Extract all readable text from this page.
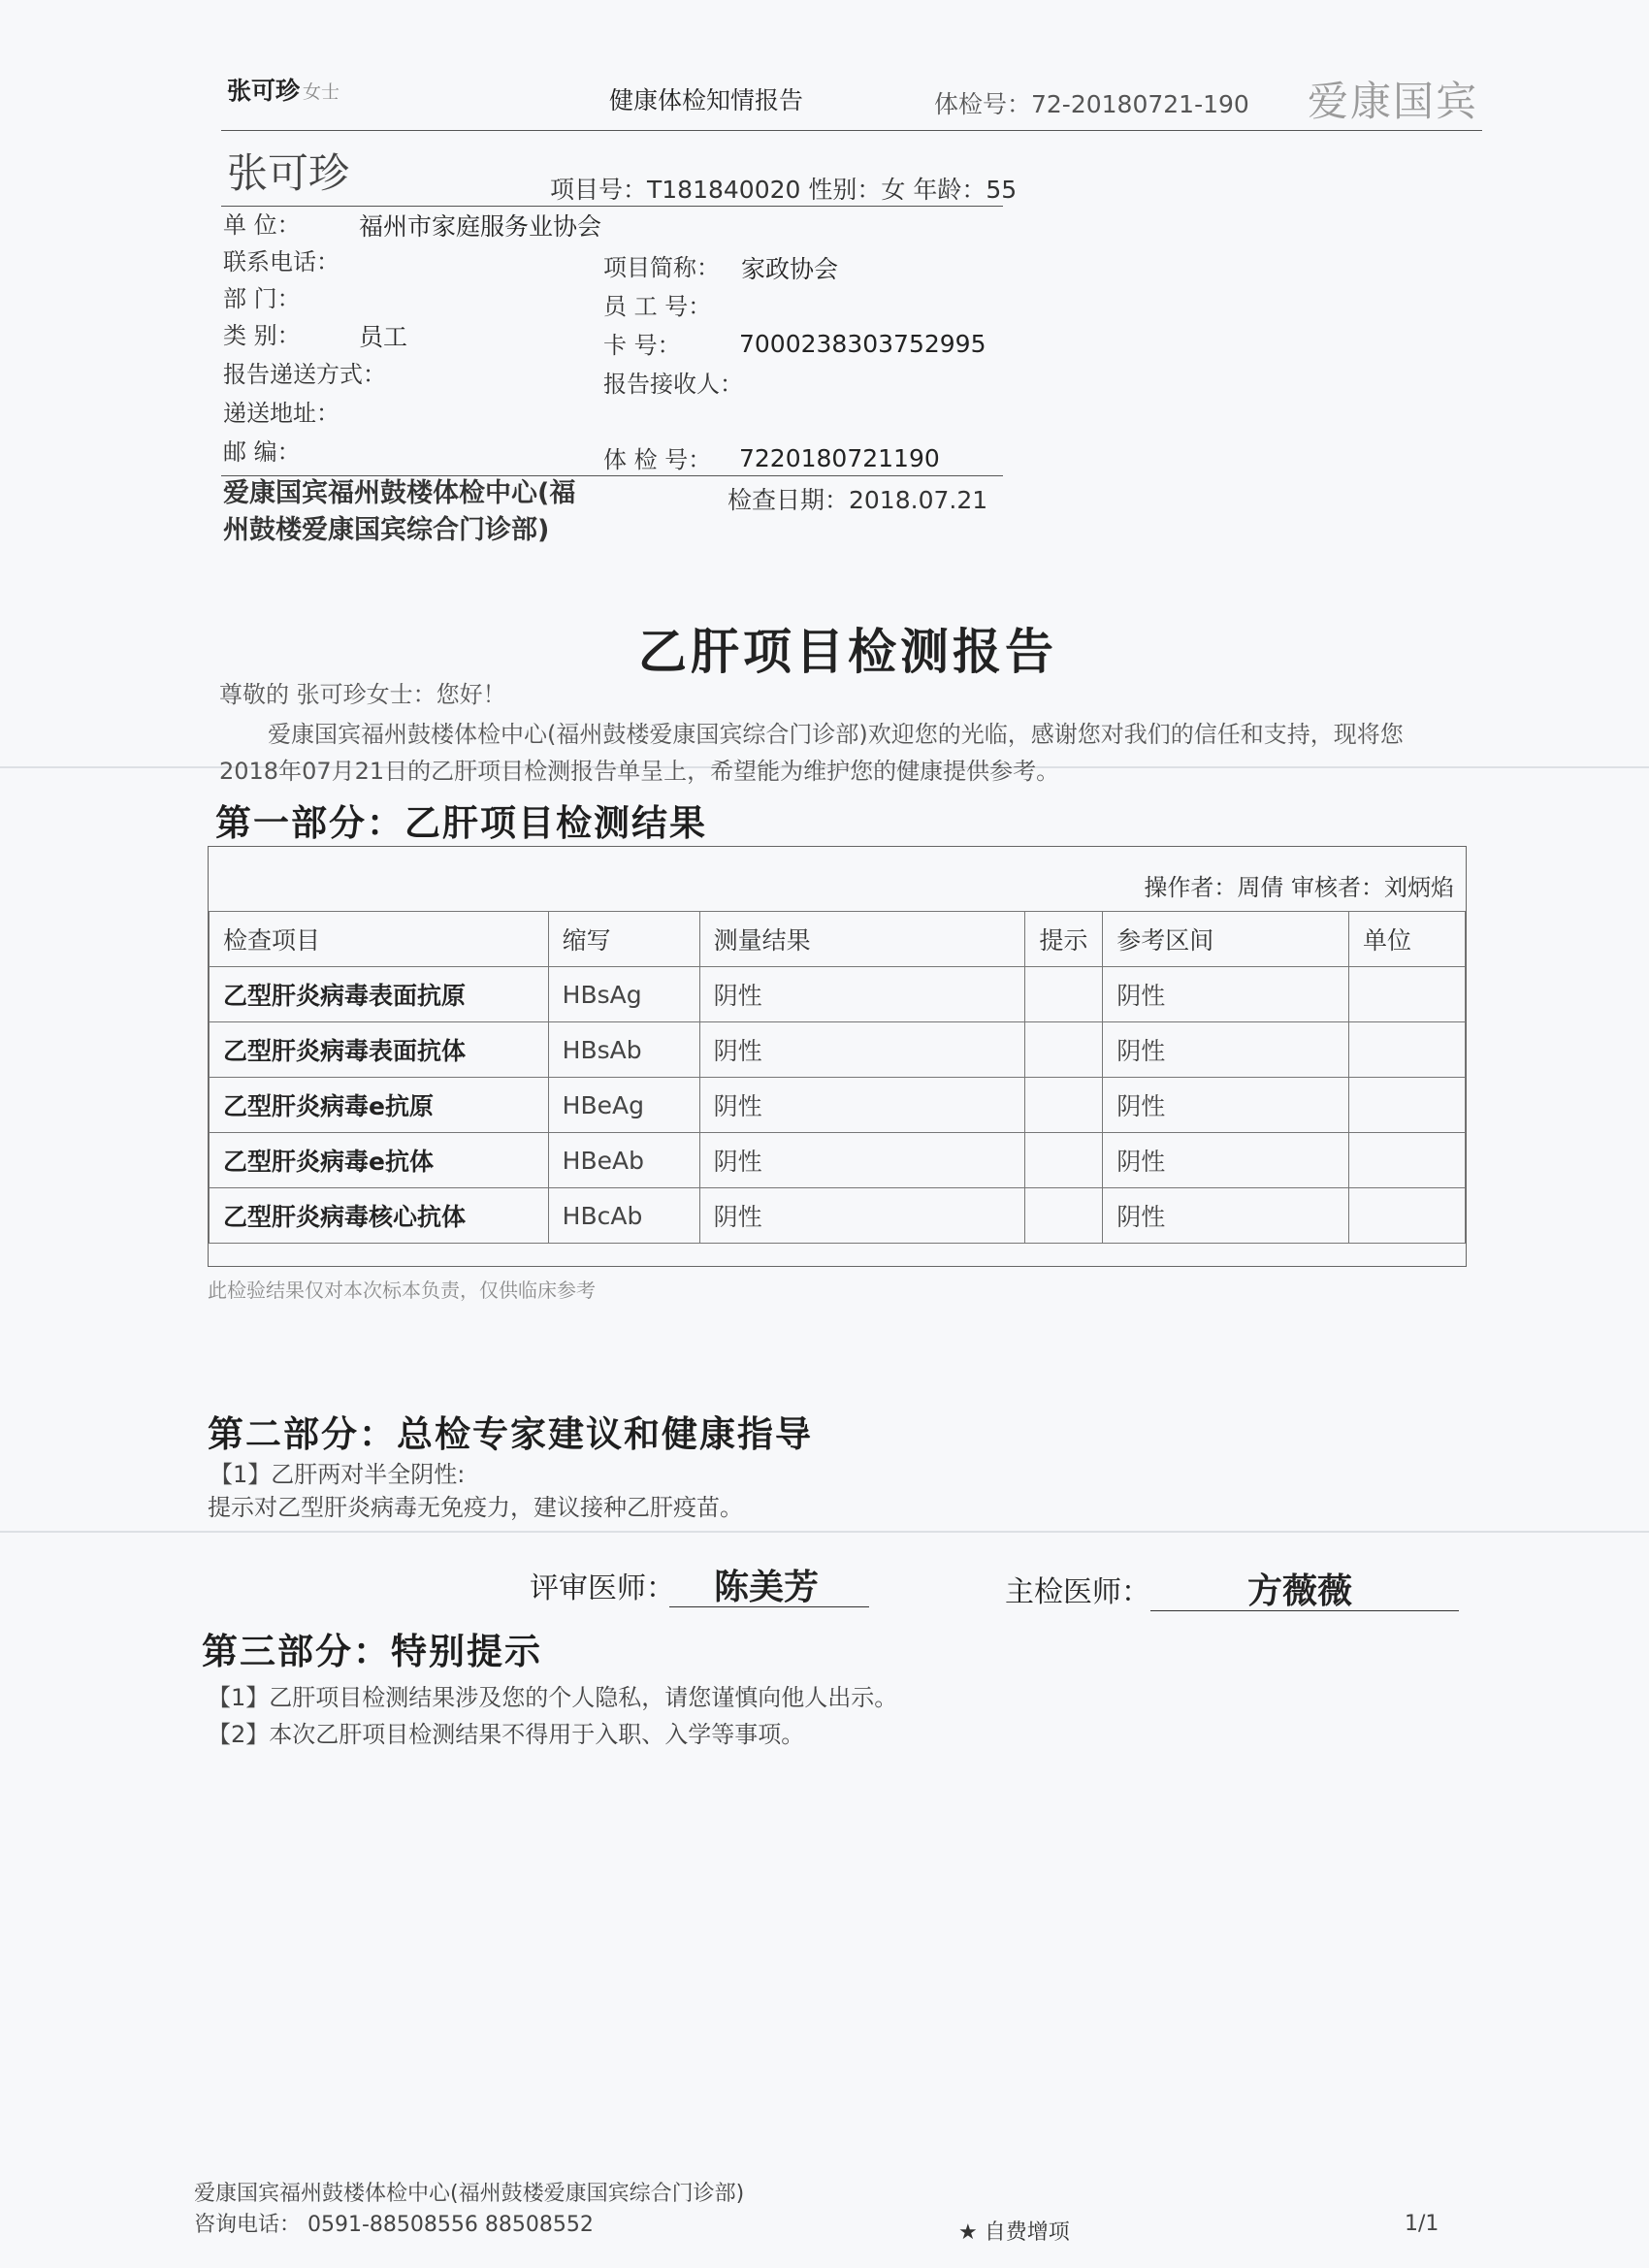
张可珍 女士	健康体检知情报告	体检号：72-20180721-190 爱康国宾
张可珍	项目号：T181840020 性别：女 年龄：55
单 位： 福州市家庭服务业协会
联系电话：
部 门：
类 别： 员工
报告递送方式：
递送地址：
邮 编：
项目简称： 家政协会
员 工 号：
卡 号： 7000238303752995
报告接收人：
体 检 号： 7220180721190
爱康国宾福州鼓楼体检中心(福州鼓楼爱康国宾综合门诊部)
检查日期：2018.07.21
乙肝项目检测报告
尊敬的 张可珍女士：您好！
爱康国宾福州鼓楼体检中心(福州鼓楼爱康国宾综合门诊部)欢迎您的光临，感谢您对我们的信任和支持，现将您2018年07月21日的乙肝项目检测报告单呈上，希望能为维护您的健康提供参考。
第一部分：乙肝项目检测结果
操作者：周倩 审核者：刘炳焰
检查项目	缩写	测量结果	提示	参考区间	单位
乙型肝炎病毒表面抗原	HBsAg	阴性		阴性	
乙型肝炎病毒表面抗体	HBsAb	阴性		阴性	
乙型肝炎病毒e抗原	HBeAg	阴性		阴性	
乙型肝炎病毒e抗体	HBeAb	阴性		阴性	
乙型肝炎病毒核心抗体	HBcAb	阴性		阴性	
此检验结果仅对本次标本负责，仅供临床参考
第二部分：总检专家建议和健康指导
【1】乙肝两对半全阴性:
提示对乙型肝炎病毒无免疫力，建议接种乙肝疫苗。
评审医师： 陈美芳	主检医师：	方薇薇
第三部分：特别提示
【1】乙肝项目检测结果涉及您的个人隐私，请您谨慎向他人出示。
【2】本次乙肝项目检测结果不得用于入职、入学等事项。
爱康国宾福州鼓楼体检中心(福州鼓楼爱康国宾综合门诊部)
咨询电话： 0591-88508556 88508552	★ 自费增项	1/1
